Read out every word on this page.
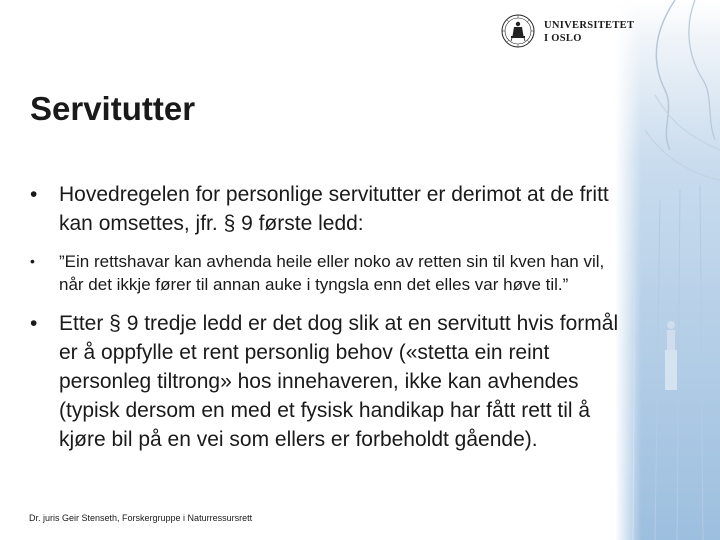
UNIVERSITETET
I OSLO
Servitutter
• Hovedregelen for personlige servitutter er derimot at de fritt kan omsettes, jfr. § 9 første ledd:
• ”Ein rettshavar kan avhenda heile eller noko av retten sin til kven han vil, når det ikkje fører til annan auke i tyngsla enn det elles var høve til.”
• Etter § 9 tredje ledd er det dog slik at en servitutt hvis formål er å oppfylle et rent personlig behov («stetta ein reint personleg tiltrong» hos innehaveren, ikke kan avhendes (typisk dersom en med et fysisk handikap har fått rett til å kjøre bil på en vei som ellers er forbeholdt gående).
Dr. juris Geir Stenseth, Forskergruppe i Naturressursrett
